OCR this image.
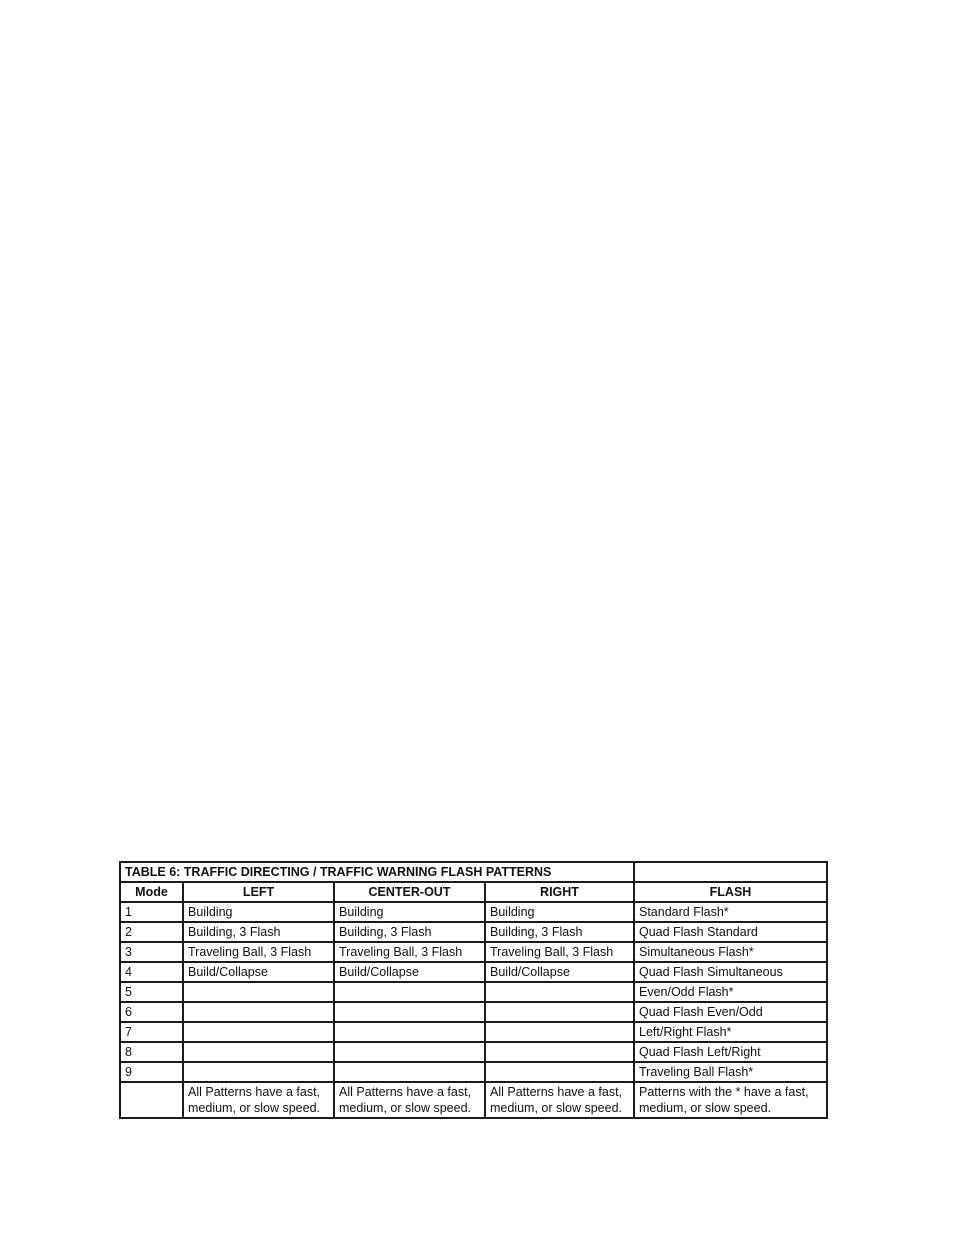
TABLE 6: TRAFFIC DIRECTING / TRAFFIC WARNING FLASH PATTERNS				
Mode	LEFT	CENTER-OUT	RIGHT	FLASH
1	Building	Building	Building	Standard Flash*
2	Building, 3 Flash	Building, 3 Flash	Building, 3 Flash	Quad Flash Standard
3	Traveling Ball, 3 Flash	Traveling Ball, 3 Flash	Traveling Ball, 3 Flash	Simultaneous Flash*
4	Build/Collapse	Build/Collapse	Build/Collapse	Quad Flash Simultaneous
5				Even/Odd Flash*
6				Quad Flash Even/Odd
7				Left/Right Flash*
8				Quad Flash Left/Right
9				Traveling Ball Flash*
	All Patterns have a fast, medium, or slow speed.	All Patterns have a fast, medium, or slow speed.	All Patterns have a fast, medium, or slow speed.	Patterns with the * have a fast, medium, or slow speed.
